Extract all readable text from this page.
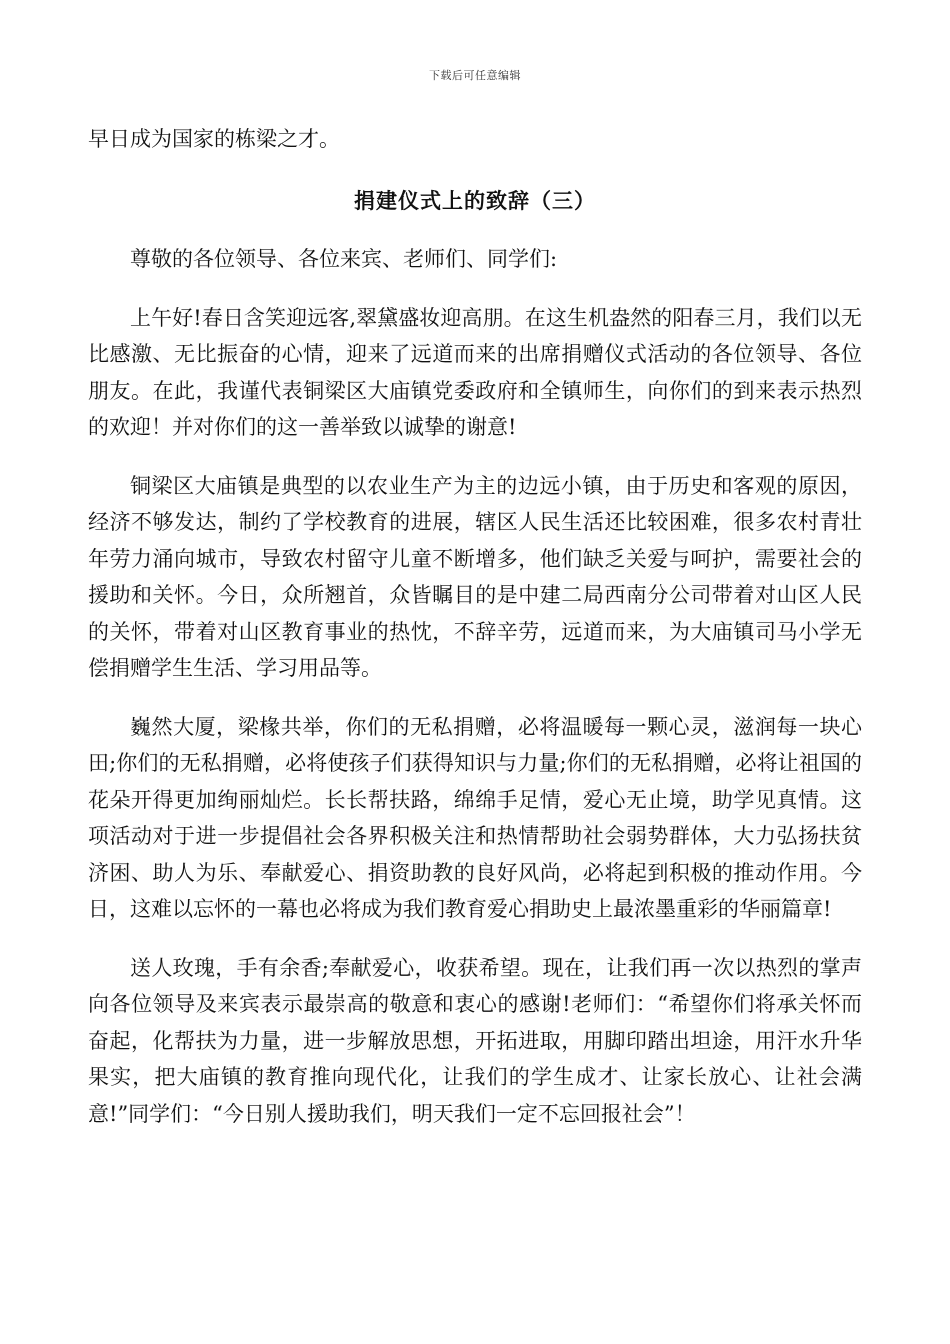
下载后可任意编辑

早日成为国家的栋梁之才。

捐建仪式上的致辞（三）

尊敬的各位领导、各位来宾、老师们、同学们:

上午好!春日含笑迎远客,翠黛盛妆迎高朋。在这生机盎然的阳春三月，我们以无比感激、无比振奋的心情，迎来了远道而来的出席捐赠仪式活动的各位领导、各位朋友。在此，我谨代表铜梁区大庙镇党委政府和全镇师生，向你们的到来表示热烈的欢迎！并对你们的这一善举致以诚挚的谢意!

铜梁区大庙镇是典型的以农业生产为主的边远小镇，由于历史和客观的原因，经济不够发达，制约了学校教育的进展，辖区人民生活还比较困难，很多农村青壮年劳力涌向城市，导致农村留守儿童不断增多，他们缺乏关爱与呵护，需要社会的援助和关怀。今日，众所翘首，众皆瞩目的是中建二局西南分公司带着对山区人民的关怀，带着对山区教育事业的热忱，不辞辛劳，远道而来，为大庙镇司马小学无偿捐赠学生生活、学习用品等。

巍然大厦，梁椽共举，你们的无私捐赠，必将温暖每一颗心灵，滋润每一块心田;你们的无私捐赠，必将使孩子们获得知识与力量;你们的无私捐赠，必将让祖国的花朵开得更加绚丽灿烂。长长帮扶路，绵绵手足情，爱心无止境，助学见真情。这项活动对于进一步提倡社会各界积极关注和热情帮助社会弱势群体，大力弘扬扶贫济困、助人为乐、奉献爱心、捐资助教的良好风尚，必将起到积极的推动作用。今日，这难以忘怀的一幕也必将成为我们教育爱心捐助史上最浓墨重彩的华丽篇章!

送人玫瑰，手有余香;奉献爱心，收获希望。现在，让我们再一次以热烈的掌声向各位领导及来宾表示最崇高的敬意和衷心的感谢!老师们：“希望你们将承关怀而奋起，化帮扶为力量，进一步解放思想，开拓进取，用脚印踏出坦途，用汗水升华果实，把大庙镇的教育推向现代化，让我们的学生成才、让家长放心、让社会满意!”同学们：“今日别人援助我们，明天我们一定不忘回报社会”！
